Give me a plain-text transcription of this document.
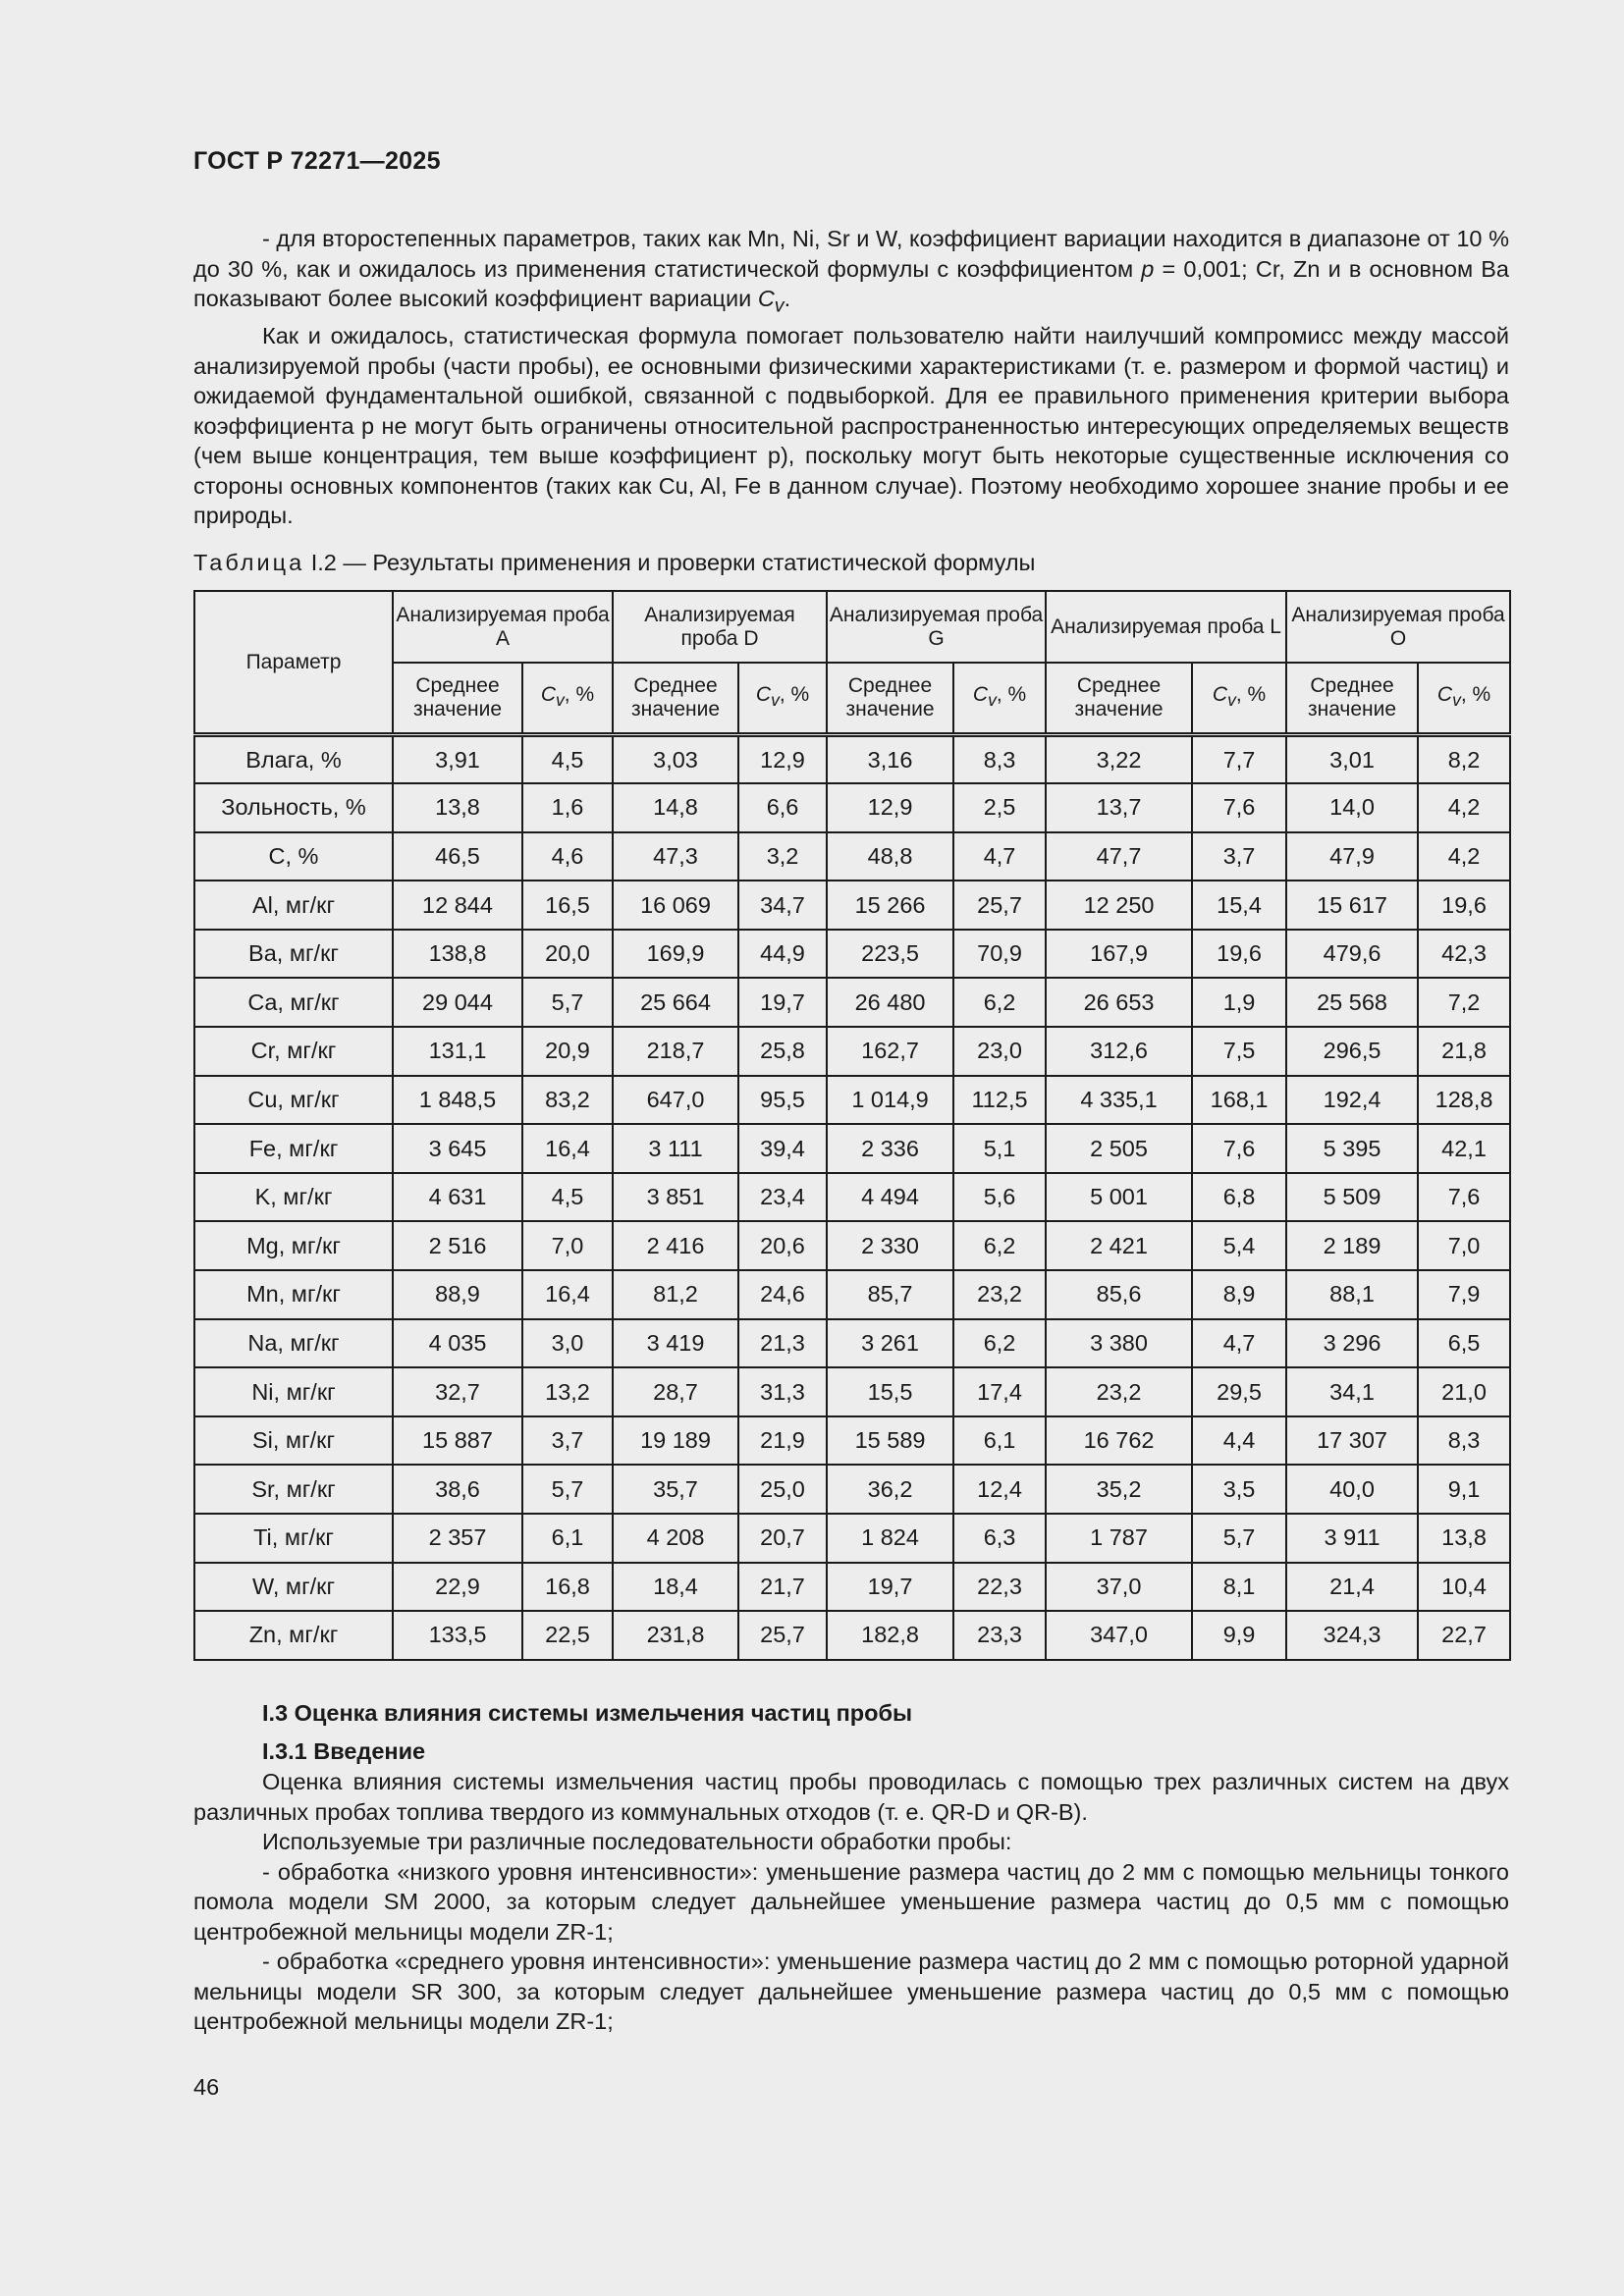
ГОСТ Р 72271—2025

- для второстепенных параметров, таких как Mn, Ni, Sr и W, коэффициент вариации находится в диапазоне от 10 % до 30 %, как и ожидалось из применения статистической формулы с коэффициентом p = 0,001; Cr, Zn и в основном Ba показывают более высокий коэффициент вариации $C_v$.

Как и ожидалось, статистическая формула помогает пользователю найти наилучший компромисс между массой анализируемой пробы (части пробы), ее основными физическими характеристиками (т. е. размером и формой частиц) и ожидаемой фундаментальной ошибкой, связанной с подвыборкой. Для ее правильного применения критерии выбора коэффициента p не могут быть ограничены относительной распространенностью интересующих определяемых веществ (чем выше концентрация, тем выше коэффициент p), поскольку могут быть некоторые существенные исключения со стороны основных компонентов (таких как Cu, Al, Fe в данном случае). Поэтому необходимо хорошее знание пробы и ее природы.

Таблица I.2 — Результаты применения и проверки статистической формулы
Параметр	Анализируемая проба A		Анализируемая проба D		Анализируемая проба G		Анализируемая проба L		Анализируемая проба O	
	Среднее значение	$C_v$, %	Среднее значение	$C_v$, %	Среднее значение	$C_v$, %	Среднее значение	$C_v$, %	Среднее значение	$C_v$, %
Влага, %	3,91	4,5	3,03	12,9	3,16	8,3	3,22	7,7	3,01	8,2
Зольность, %	13,8	1,6	14,8	6,6	12,9	2,5	13,7	7,6	14,0	4,2
C, %	46,5	4,6	47,3	3,2	48,8	4,7	47,7	3,7	47,9	4,2
Al, мг/кг	12 844	16,5	16 069	34,7	15 266	25,7	12 250	15,4	15 617	19,6
Ba, мг/кг	138,8	20,0	169,9	44,9	223,5	70,9	167,9	19,6	479,6	42,3
Ca, мг/кг	29 044	5,7	25 664	19,7	26 480	6,2	26 653	1,9	25 568	7,2
Cr, мг/кг	131,1	20,9	218,7	25,8	162,7	23,0	312,6	7,5	296,5	21,8
Cu, мг/кг	1 848,5	83,2	647,0	95,5	1 014,9	112,5	4 335,1	168,1	192,4	128,8
Fe, мг/кг	3 645	16,4	3 111	39,4	2 336	5,1	2 505	7,6	5 395	42,1
K, мг/кг	4 631	4,5	3 851	23,4	4 494	5,6	5 001	6,8	5 509	7,6
Mg, мг/кг	2 516	7,0	2 416	20,6	2 330	6,2	2 421	5,4	2 189	7,0
Mn, мг/кг	88,9	16,4	81,2	24,6	85,7	23,2	85,6	8,9	88,1	7,9
Na, мг/кг	4 035	3,0	3 419	21,3	3 261	6,2	3 380	4,7	3 296	6,5
Ni, мг/кг	32,7	13,2	28,7	31,3	15,5	17,4	23,2	29,5	34,1	21,0
Si, мг/кг	15 887	3,7	19 189	21,9	15 589	6,1	16 762	4,4	17 307	8,3
Sr, мг/кг	38,6	5,7	35,7	25,0	36,2	12,4	35,2	3,5	40,0	9,1
Ti, мг/кг	2 357	6,1	4 208	20,7	1 824	6,3	1 787	5,7	3 911	13,8
W, мг/кг	22,9	16,8	18,4	21,7	19,7	22,3	37,0	8,1	21,4	10,4
Zn, мг/кг	133,5	22,5	231,8	25,7	182,8	23,3	347,0	9,9	324,3	22,7
I.3 Оценка влияния системы измельчения частиц пробы
I.3.1 Введение

Оценка влияния системы измельчения частиц пробы проводилась с помощью трех различных систем на двух различных пробах топлива твердого из коммунальных отходов (т. е. QR-D и QR-B).

Используемые три различные последовательности обработки пробы:

- обработка «низкого уровня интенсивности»: уменьшение размера частиц до 2 мм с помощью мельницы тонкого помола модели SM 2000, за которым следует дальнейшее уменьшение размера частиц до 0,5 мм с помощью центробежной мельницы модели ZR-1;

- обработка «среднего уровня интенсивности»: уменьшение размера частиц до 2 мм с помощью роторной ударной мельницы модели SR 300, за которым следует дальнейшее уменьшение размера частиц до 0,5 мм с помощью центробежной мельницы модели ZR-1;

46
